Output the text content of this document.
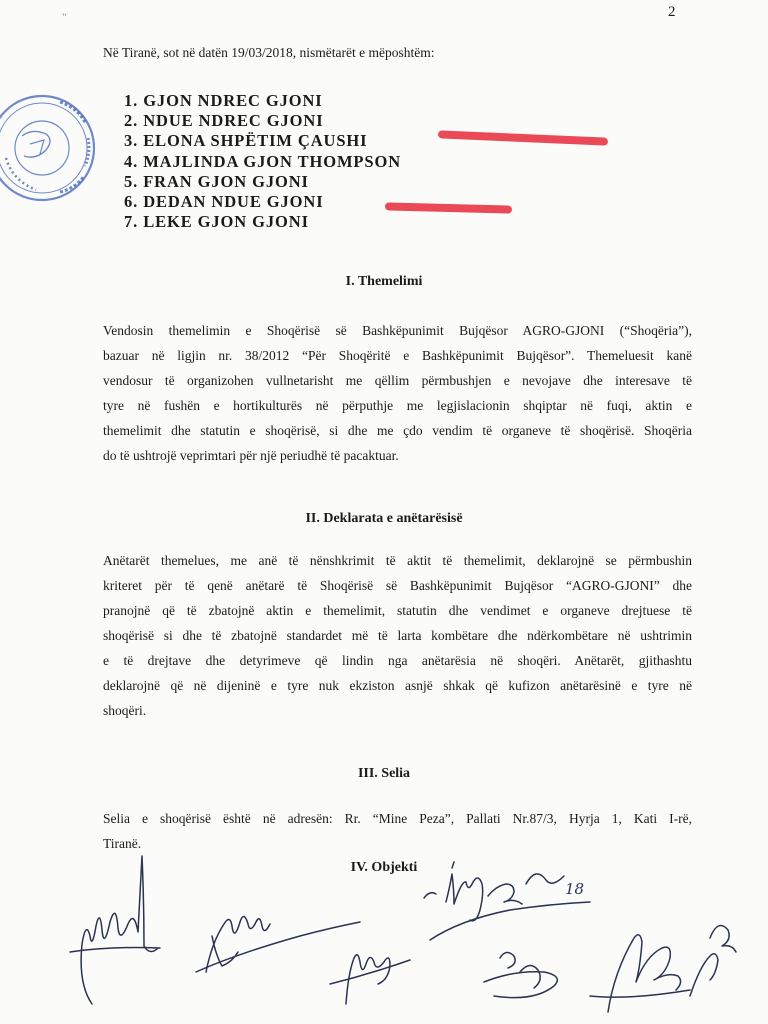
"	2
Në Tiranë, sot në datën 19/03/2018, nismëtarët e mëposhtëm:
1. GJON NDREC GJONI
2. NDUE NDREC GJONI
3. ELONA SHPËTIM ÇAUSHI
4. MAJLINDA GJON THOMPSON
5. FRAN GJON GJONI
6. DEDAN NDUE GJONI
7. LEKE GJON GJONI
I. Themelimi
Vendosin themelimin e Shoqërisë së Bashkëpunimit Bujqësor AGRO-GJONI (“Shoqëria”),
bazuar në ligjin nr. 38/2012 “Për Shoqëritë e Bashkëpunimit Bujqësor”. Themeluesit kanë
vendosur të organizohen vullnetarisht me qëllim përmbushjen e nevojave dhe interesave të
tyre në fushën e hortikulturës në përputhje me legjislacionin shqiptar në fuqi, aktin e
themelimit dhe statutin e shoqërisë, si dhe me çdo vendim të organeve të shoqërisë. Shoqëria
do të ushtrojë veprimtari për një periudhë të pacaktuar.
II. Deklarata e anëtarësisë
Anëtarët themelues, me anë të nënshkrimit të aktit të themelimit, deklarojnë se përmbushin
kriteret për të qenë anëtarë të Shoqërisë së Bashkëpunimit Bujqësor “AGRO-GJONI” dhe
pranojnë që të zbatojnë aktin e themelimit, statutin dhe vendimet e organeve drejtuese të
shoqërisë si dhe të zbatojnë standardet më të larta kombëtare dhe ndërkombëtare në ushtrimin
e të drejtave dhe detyrimeve që lindin nga anëtarësia në shoqëri. Anëtarët, gjithashtu
deklarojnë që në dijeninë e tyre nuk ekziston asnjë shkak që kufizon anëtarësinë e tyre në
shoqëri.
III. Selia
Selia e shoqërisë është në adresën: Rr. “Mine Peza”, Pallati Nr.87/3, Hyrja 1, Kati I-rë,
Tiranë.
IV. Objekti
18
